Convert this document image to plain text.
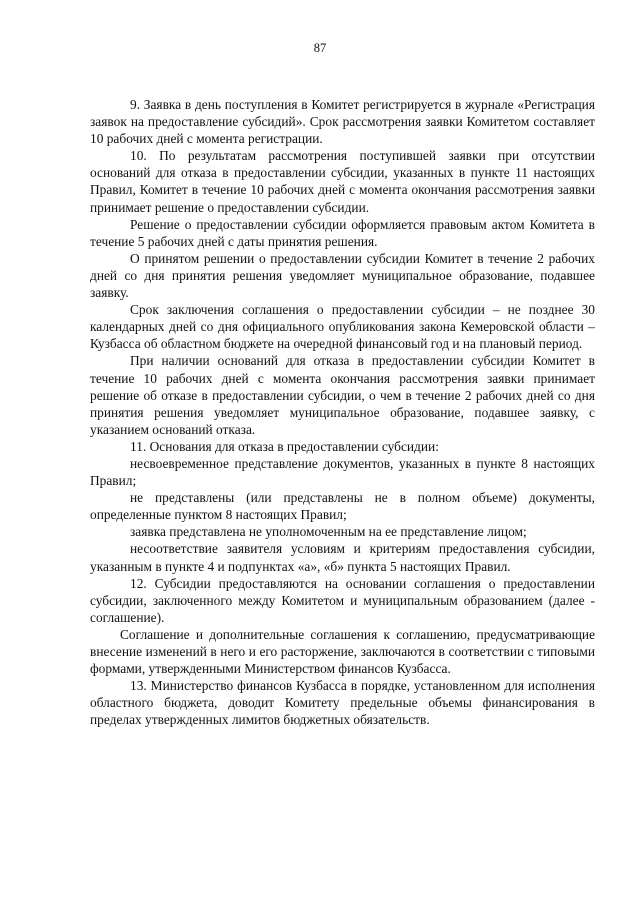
87

9. Заявка в день поступления в Комитет регистрируется в журнале «Регистрация заявок на предоставление субсидий». Срок рассмотрения заявки Комитетом составляет 10 рабочих дней с момента регистрации.

10. По результатам рассмотрения поступившей заявки при отсутствии оснований для отказа в предоставлении субсидии, указанных в пункте 11 настоящих Правил, Комитет в течение 10 рабочих дней с момента окончания рассмотрения заявки принимает решение о предоставлении субсидии.

Решение о предоставлении субсидии оформляется правовым актом Комитета в течение 5 рабочих дней с даты принятия решения.

О принятом решении о предоставлении субсидии Комитет в течение 2 рабочих дней со дня принятия решения уведомляет муниципальное образование, подавшее заявку.

Срок заключения соглашения о предоставлении субсидии – не позднее 30 календарных дней со дня официального опубликования закона Кемеровской области – Кузбасса об областном бюджете на очередной финансовый год и на плановый период.

При наличии оснований для отказа в предоставлении субсидии Комитет в течение 10 рабочих дней с момента окончания рассмотрения заявки принимает решение об отказе в предоставлении субсидии, о чем в течение 2 рабочих дней со дня принятия решения уведомляет муниципальное образование, подавшее заявку, с указанием оснований отказа.

11. Основания для отказа в предоставлении субсидии:

несвоевременное представление документов, указанных в пункте 8 настоящих Правил;

не представлены (или представлены не в полном объеме) документы, определенные пунктом 8 настоящих Правил;

заявка представлена не уполномоченным на ее представление лицом;

несоответствие заявителя условиям и критериям предоставления субсидии, указанным в пункте 4 и подпунктах «а», «б» пункта 5 настоящих Правил.

12. Субсидии предоставляются на основании соглашения о предоставлении субсидии, заключенного между Комитетом и муниципальным образованием (далее - соглашение).

Соглашение и дополнительные соглашения к соглашению, предусматривающие внесение изменений в него и его расторжение, заключаются в соответствии с типовыми формами, утвержденными Министерством финансов Кузбасса.

13. Министерство финансов Кузбасса в порядке, установленном для исполнения областного бюджета, доводит Комитету предельные объемы финансирования в пределах утвержденных лимитов бюджетных обязательств.
